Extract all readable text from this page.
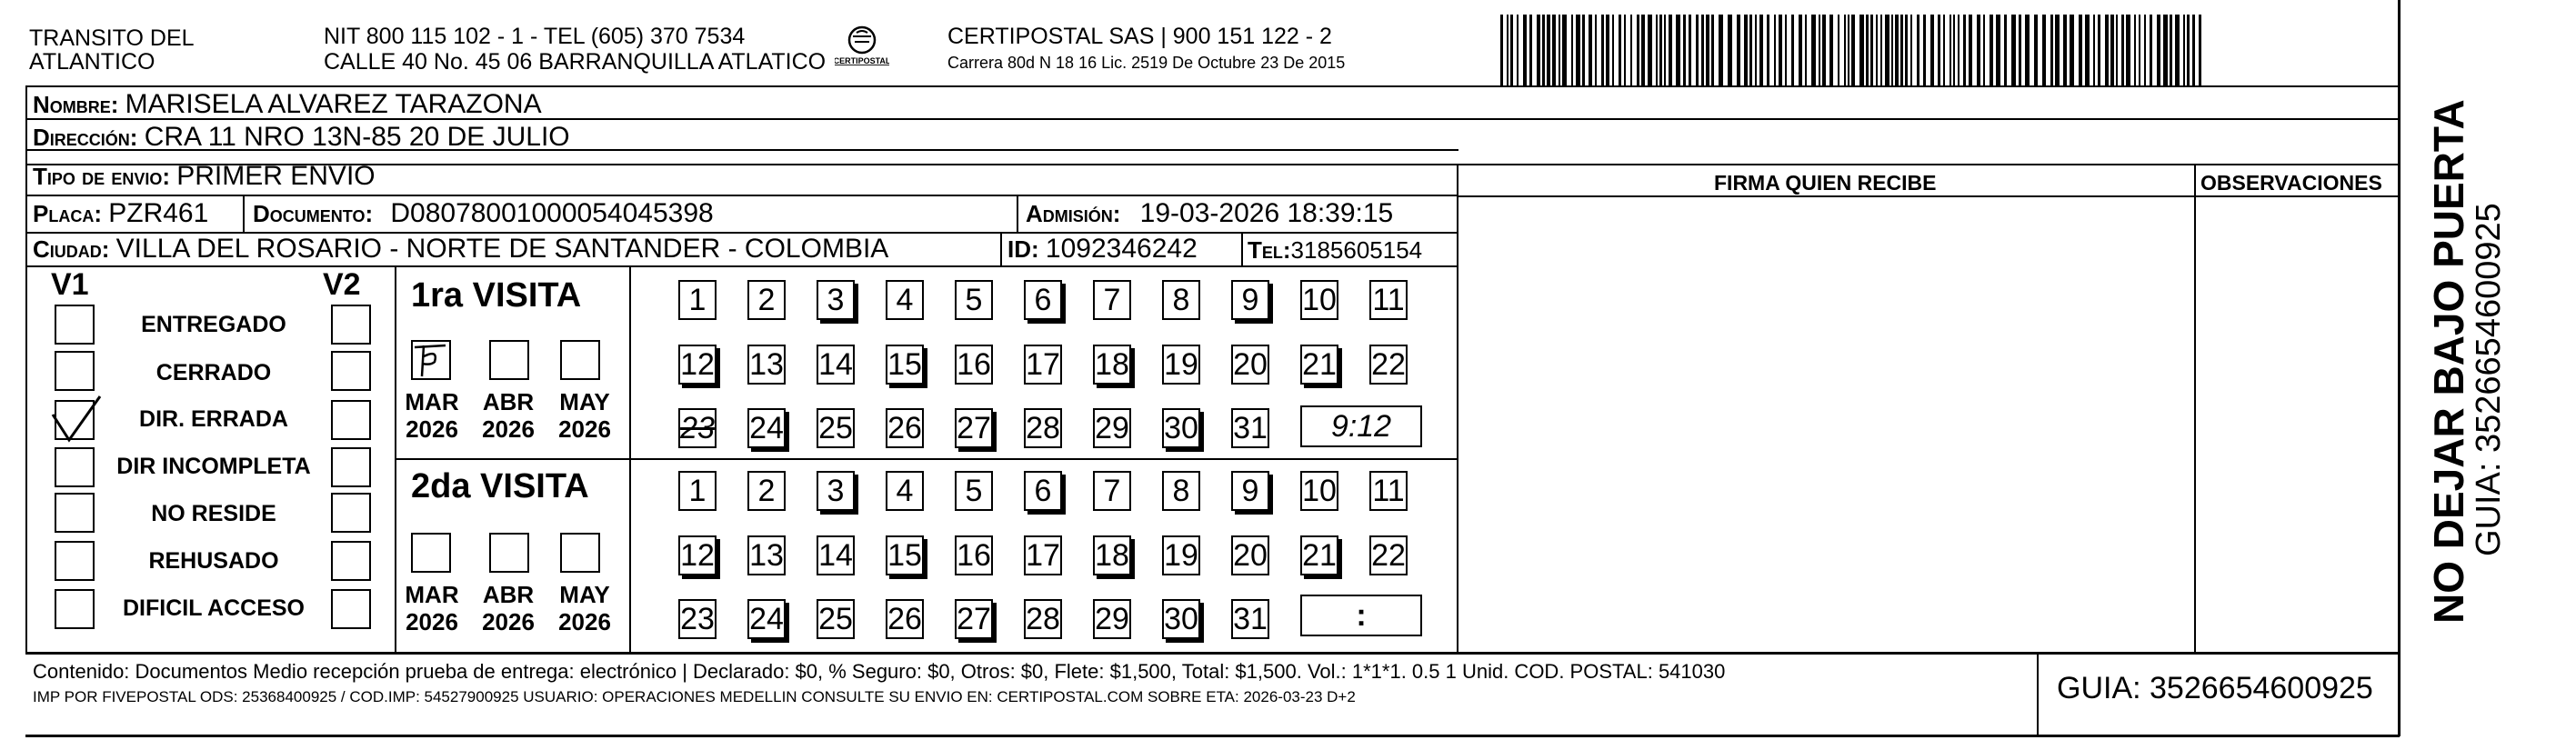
TRANSITO DEL
ATLANTICO
NIT 800 115 102 - 1 - TEL (605) 370 7534
CALLE 40 No. 45 06 BARRANQUILLA ATLATICO CERTIPOSTAL
CERTIPOSTAL SAS | 900 151 122 - 2
Carrera 80d N 18 16 Lic. 2519 De Octubre 23 De 2015
Nombre: MARISELA ALVAREZ TARAZONA
Dirección: CRA 11 NRO 13N-85 20 DE JULIO
Tipo de envio: PRIMER ENVIO	FIRMA QUIEN RECIBE	OBSERVACIONES
Placa: PZR461 Documento: D0807800100005404539​8	Admisión: 19-03-2026 18:39:15
Ciudad: VILLA DEL ROSARIO - NORTE DE SANTANDER - COLOMBIA	ID: 1092346242 Tel:3185605154
V1	V2
ENTREGADO
CERRADO
DIR. ERRADA
DIR INCOMPLETA
NO RESIDE
REHUSADO
DIFICIL ACCESO
1ra VISITA
MAR
2026
ABR
2026
MAY
2026
1	2	3	4	5	6	7	8	9	10 11
12 13 14 15 16 17 18 19 20 21 22
23 24 25 26 27 28 29 30 31	9:12
2da VISITA
MAR
2026
ABR
2026
MAY
2026
1	2	3	4	5	6	7	8	9	10 11
12 13 14 15 16 17 18 19 20 21 22
23 24 25 26 27 28 29 30 31	:	NO DEJAR BAJO PUERTA
GUIA: 3526654600925
Contenido: Documentos Medio recepción prueba de entrega: electrónico | Declarado: $0, % Seguro: $0, Otros: $0, Flete: $1,500, Total: $1,500. Vol.: 1*1*1. 0.5 1 Unid. COD. POSTAL: 541030
IMP POR FIVEPOSTAL ODS: 25368400925 / COD.IMP: 54527900925 USUARIO: OPERACIONES MEDELLIN CONSULTE SU ENVIO EN: CERTIPOSTAL.COM SOBRE ETA: 2026-03-23 D+2	GUIA: 3526654600925
